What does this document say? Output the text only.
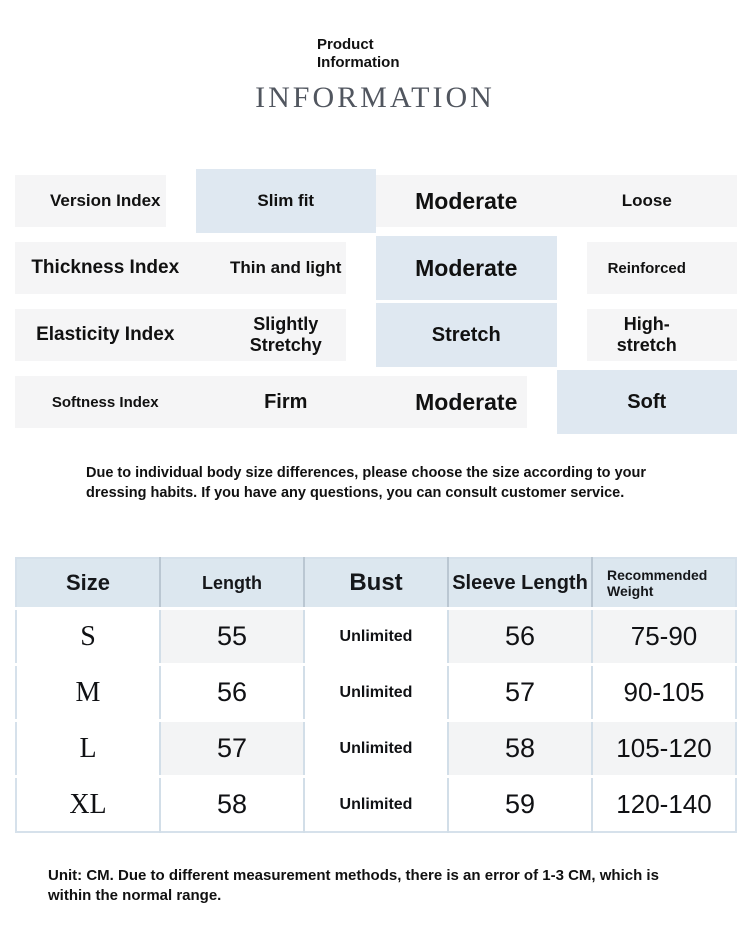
Product Information
INFORMATION
Version Index	Slim fit	Moderate	Loose
Thickness Index	Thin and light	Moderate	Reinforced
Elasticity Index	Slightly Stretchy	Stretch	High-stretch
Softness Index	Firm	Moderate	Soft

Due to individual body size differences, please choose the size according to your dressing habits. If you have any questions, you can consult customer service.

Size	Length	Bust	Sleeve Length	Recommended Weight
S	55	Unlimited	56	75-90
M	56	Unlimited	57	90-105
L	57	Unlimited	58	105-120
XL	58	Unlimited	59	120-140

Unit: CM. Due to different measurement methods, there is an error of 1-3 CM, which is within the normal range.
